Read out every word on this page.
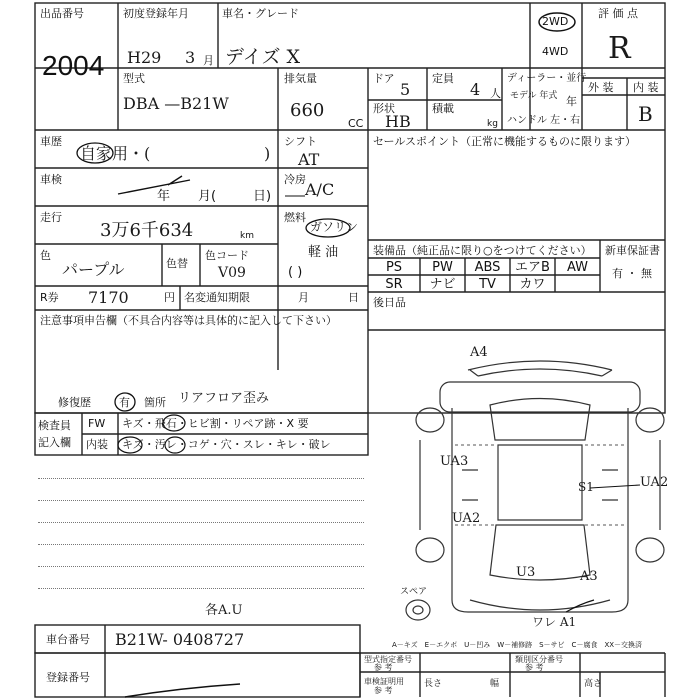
出品番号
2004
初度登録年月
H29 3 月
車名・グレード
デイズ X
2WD
4WD
評 価 点
R
外 装 内 装
B
型式
DBA —B21W
排気量
660
CC
ドア
5
定員
4 人
ディーラー・並行
モデル 年式 年
形状
HB
積載
kg ハンドル 左・右
車歴
自家用・(	)
シフト
AT
車検
年 月(	日)
冷房
A/C
走行
3万6千634	km
燃料
ガソリン
軽 油
( )
色
パープル	色替
色コード
V09
R券 7170	円 名変通知期限	月	日
セールスポイント（正常に機能するものに限ります）
装備品（純正品に限り○をつけてください）
PS	PW	ABS	エアB	AW
SR	ナビ	TV	カワ
新車保証書
有 ・ 無
後日品
注意事項申告欄（不具合内容等は具体的に記入して下さい）
修復歴	有 箇所 リアフロア歪み
検査員
記入欄
FW キズ・飛石・ヒビ割・リペア跡・X 要
内装 キズ・汚レ・コゲ・穴・スレ・キレ・破レ
各A.U
A4
UA3
S1	UA2
UA2
U3	A3
ワレ A1
スペア
A－キズ　E－エクボ　U－凹み　W－補修跡　S－サビ　C－腐食　XX－交換済
車台番号 B21W- 0408727
登録番号
型式指定番号
参 考
類別区分番号
参 考
車検証明用
参 考
長さ	幅	高さ
